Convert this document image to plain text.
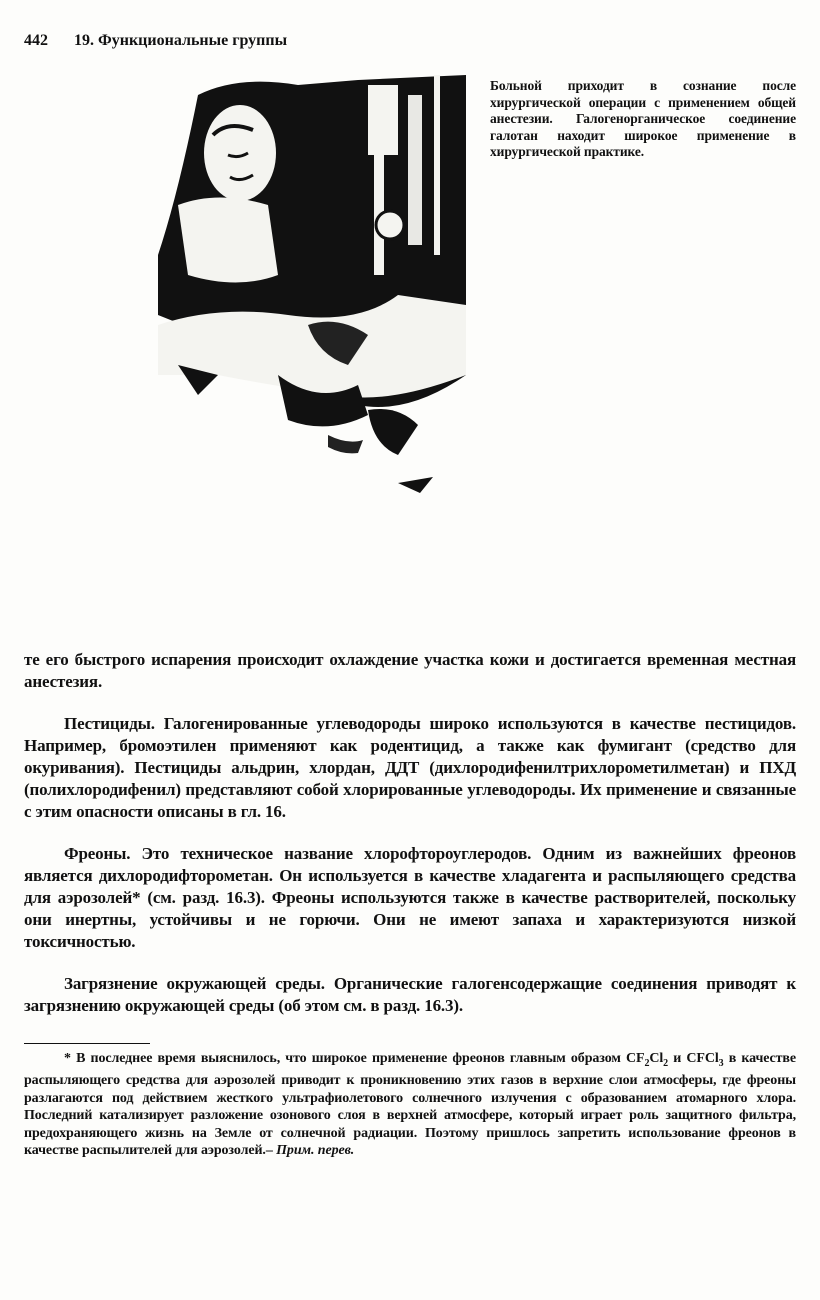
442 19. Функциональные группы
Больной приходит в сознание после хирургической операции с применением общей анестезии. Галогенорганическое соединение галотан находит широкое применение в хирургической практике.

те его быстрого испарения происходит охлаждение участка кожи и достигается временная местная анестезия.

Пестициды. Галогенированные углеводороды широко используются в качестве пестицидов. Например, бромоэтилен применяют как родентицид, а также как фумигант (средство для окуривания). Пестициды альдрин, хлордан, ДДТ (дихлородифенилтрихлорометилметан) и ПХД (полихлородифенил) представляют собой хлорированные углеводороды. Их применение и связанные с этим опасности описаны в гл. 16.

Фреоны. Это техническое название хлорофтороуглеродов. Одним из важнейших фреонов является дихлородифторометан. Он используется в качестве хладагента и распыляющего средства для аэрозолей* (см. разд. 16.3). Фреоны используются также в качестве растворителей, поскольку они инертны, устойчивы и не горючи. Они не имеют запаха и характеризуются низкой токсичностью.

Загрязнение окружающей среды. Органические галогенсодержащие соединения приводят к загрязнению окружающей среды (об этом см. в разд. 16.3).

* В последнее время выяснилось, что широкое применение фреонов главным образом $CF_2Cl_2$ и CFCl$_3$ в качестве распыляющего средства для аэрозолей приводит к проникновению этих газов в верхние слои атмосферы, где фреоны разлагаются под действием жесткого ультрафиолетового солнечного излучения с образованием атомарного хлора. Последний катализирует разложение озонового слоя в верхней атмосфере, который играет роль защитного фильтра, предохраняющего жизнь на Земле от солнечной радиации. Поэтому пришлось запретить использование фреонов в качестве распылителей для аэрозолей.– Прим. перев.
